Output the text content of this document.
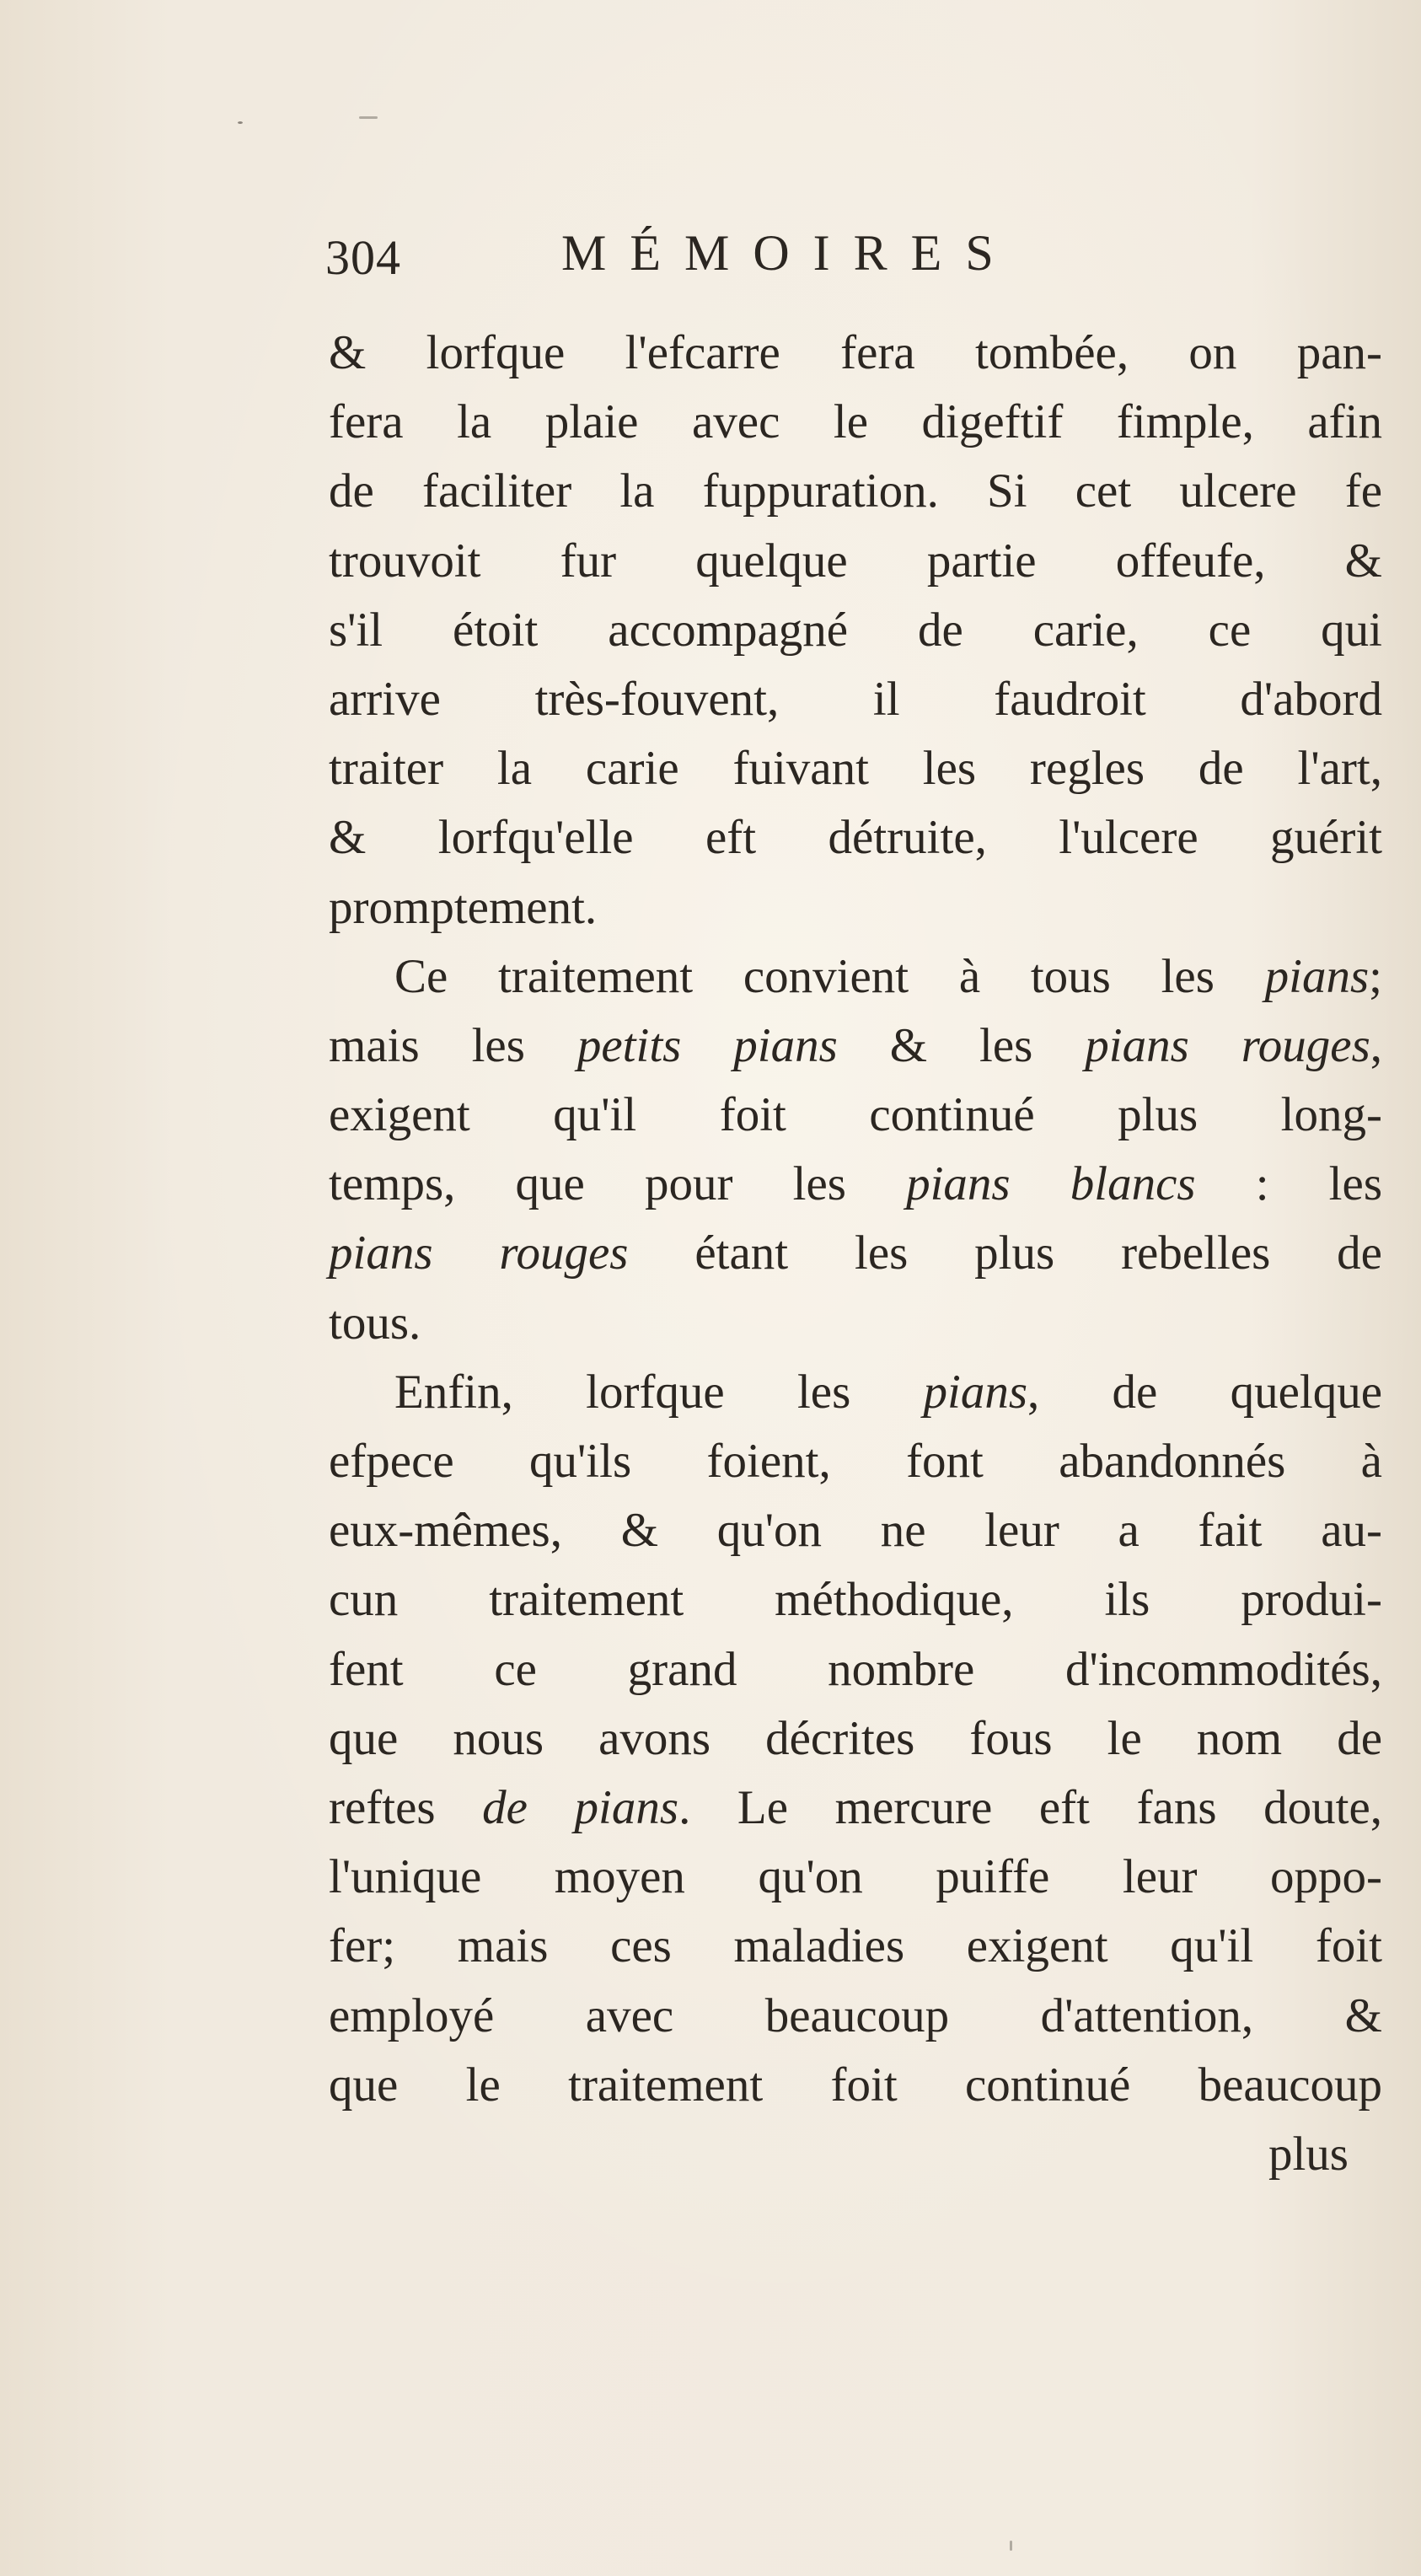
304	MÉMOIRES
& lorfque l'efcarre fera tombée, on pan-
fera la plaie avec le digeftif fimple, afin
de faciliter la fuppuration. Si cet ulcere fe
trouvoit fur quelque partie offeufe, &
s'il étoit accompagné de carie, ce qui
arrive très-fouvent, il faudroit d'abord
traiter la carie fuivant les regles de l'art,
& lorfqu'elle eft détruite, l'ulcere guérit
promptement.
Ce traitement convient à tous les pians;
mais les petits pians & les pians rouges,
exigent qu'il foit continué plus long-
temps, que pour les pians blancs : les
pians rouges étant les plus rebelles de
tous.
Enfin, lorfque les pians, de quelque
efpece qu'ils foient, font abandonnés à
eux-mêmes, & qu'on ne leur a fait au-
cun traitement méthodique, ils produi-
fent ce grand nombre d'incommodités,
que nous avons décrites fous le nom de
reftes de pians. Le mercure eft fans doute,
l'unique moyen qu'on puiffe leur oppo-
fer; mais ces maladies exigent qu'il foit
employé avec beaucoup d'attention, &
que le traitement foit continué beaucoup
plus
